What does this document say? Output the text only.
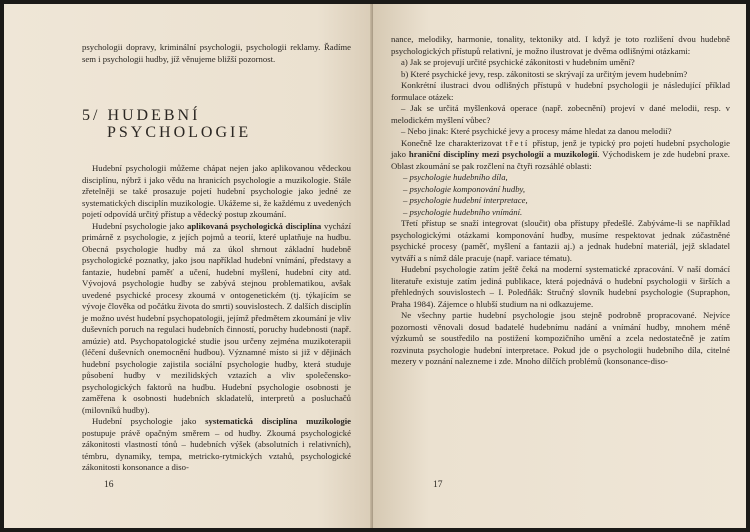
psychologii dopravy, kriminální psychologii, psychologii reklamy. Řadíme sem i psychologii hudby, jíž věnujeme bližší pozornost.

5/ HUDEBNÍ
PSYCHOLOGIE

Hudební psychologii můžeme chápat nejen jako aplikovanou vědeckou disciplínu, nýbrž i jako vědu na hranicích psychologie a muzikologie. Stále zřetelněji se také prosazuje pojetí hudební psychologie jako jedné ze systematických disciplín muzikologie. Ukážeme si, že každému z uvedených pojetí odpovídá určitý přístup a vědecký postup zkoumání.

Hudební psychologie jako aplikovaná psychologická disciplína vychází primárně z psychologie, z jejích pojmů a teorií, které uplatňuje na hudbu. Obecná psychologie hudby má za úkol shrnout základní hudebně psychologické poznatky, jako jsou například hudební vnímání, představy a fantazie, hudební paměť a učení, hudební myšlení, hudební city atd. Vývojová psychologie hudby se zabývá stejnou problematikou, avšak uvedené psychické procesy zkoumá v ontogenetickém (tj. týkajícím se vývoje člověka od počátku života do smrti) souvislostech. Z dalších disciplín je možno uvést hudební psychopatologii, jejímž předmětem zkoumání je vliv duševních poruch na regulaci hudebních činností, poruchy hudebnosti (např. amúzie) atd. Psychopatologické studie jsou určeny zejména muzikoterapii (léčení duševních onemocnění hudbou). Významné místo si již v dějinách hudební psychologie zajistila sociální psychologie hudby, která studuje působení hudby v mezilidských vztazích a vliv společensko-psychologických faktorů na hudbu. Hudební psychologie osobnosti je zaměřena k osobnosti hudebních skladatelů, interpretů a posluchačů (milovníků hudby).

Hudební psychologie jako systematická disciplína muzikologie postupuje právě opačným směrem – od hudby. Zkoumá psychologické zákonitosti vlastností tónů – hudebních výšek (absolutních i relativních), témbru, dynamiky, tempa, metricko-rytmických vztahů, psychologické zákonitosti konsonance a diso-

16

nance, melodiky, harmonie, tonality, tektoniky atd. I když je toto rozlišení dvou hudebně psychologických přístupů relativní, je možno ilustrovat je dvěma odlišnými otázkami:

a) Jak se projevují určité psychické zákonitosti v hudebním umění?

b) Které psychické jevy, resp. zákonitosti se skrývají za určitým jevem hudebním?

Konkrétní ilustraci dvou odlišných přístupů v hudební psychologii je následující příklad formulace otázek:

– Jak se určitá myšlenková operace (např. zobecnění) projeví v dané melodii, resp. v melodickém myšlení vůbec?

– Nebo jinak: Které psychické jevy a procesy máme hledat za danou melodií?

Konečně lze charakterizovat třetí přístup, jenž je typický pro pojetí hudební psychologie jako hraniční disciplíny mezi psychologií a muzikologií. Východiskem je zde hudební praxe. Oblast zkoumání se pak rozčlení na čtyři rozsáhlé oblasti:

– psychologie hudebního díla,
– psychologie komponování hudby,
– psychologie hudební interpretace,
– psychologie hudebního vnímání.

Třetí přístup se snaží integrovat (sloučit) oba přístupy předešlé. Zabýváme-li se například psychologickými otázkami komponování hudby, musíme respektovat jednak zúčastněné psychické procesy (paměť, myšlení a fantazii aj.) a jednak hudební materiál, jejž skladatel vytváří a s nímž dále pracuje (např. variace tématu).

Hudební psychologie zatím ještě čeká na moderní systematické zpracování. V naší domácí literatuře existuje zatím jediná publikace, která pojednává o hudební psychologii v širších a přehledných souvislostech – I. Poledňák: Stručný slovník hudební psychologie (Supraphon, Praha 1984). Zájemce o hlubší studium na ni odkazujeme.

Ne všechny partie hudební psychologie jsou stejně podrobně propracované. Nejvíce pozornosti věnovali dosud badatelé hudebnímu nadání a vnímání hudby, mnohem méně výzkumů se soustředilo na postižení kompozičního umění a zcela nedostatečně je zatím rozvinuta psychologie hudební interpretace. Pokud jde o psychologii hudebního díla, citelné mezery v poznání nalezneme i zde. Mnoho dílčích problémů (konsonance-diso-

17
